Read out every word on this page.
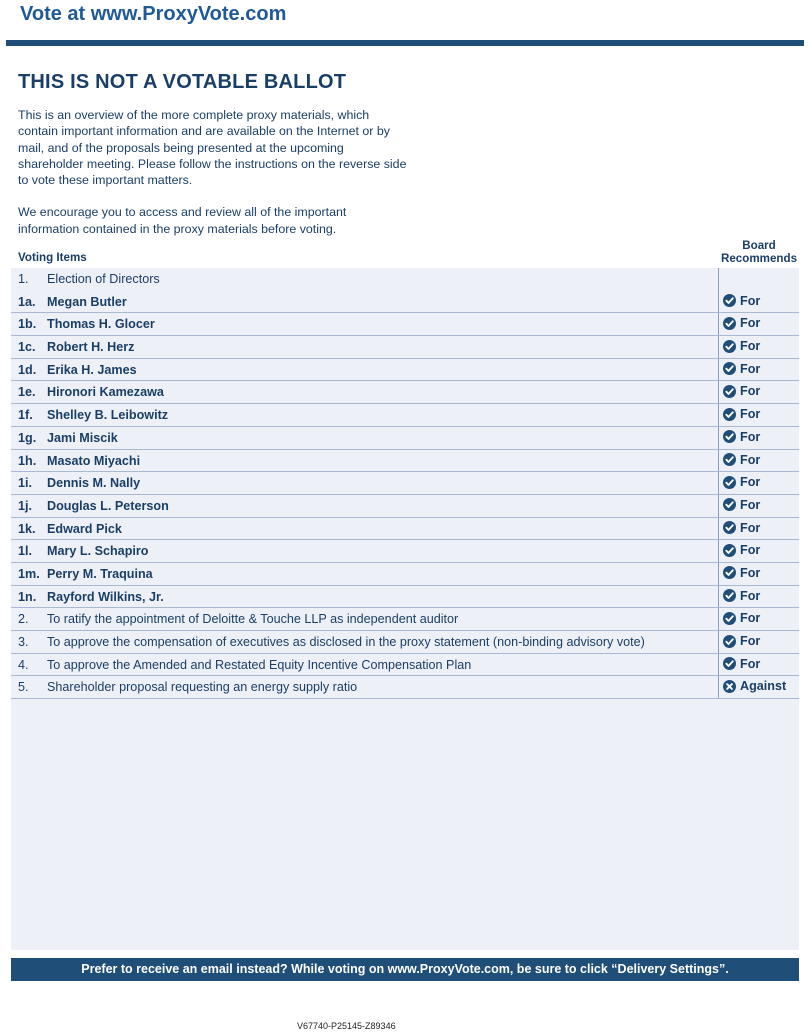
Vote at www.ProxyVote.com
THIS IS NOT A VOTABLE BALLOT

This is an overview of the more complete proxy materials, which contain important information and are available on the Internet or by mail, and of the proposals being presented at the upcoming shareholder meeting. Please follow the instructions on the reverse side to vote these important matters.

We encourage you to access and review all of the important information contained in the proxy materials before voting.

Voting Items
Board
Recommends
1. Election of Directors
1a. Megan Butler	For
1b. Thomas H. Glocer	For
1c. Robert H. Herz	For
1d. Erika H. James	For
1e. Hironori Kamezawa	For
1f. Shelley B. Leibowitz	For
1g. Jami Miscik	For
1h. Masato Miyachi	For
1i. Dennis M. Nally	For
1j. Douglas L. Peterson	For
1k. Edward Pick	For
1l. Mary L. Schapiro	For
1m. Perry M. Traquina	For
1n. Rayford Wilkins, Jr.	For
2. To ratify the appointment of Deloitte & Touche LLP as independent auditor	For
3. To approve the compensation of executives as disclosed in the proxy statement (non-binding advisory vote)	For
4. To approve the Amended and Restated Equity Incentive Compensation Plan	For
5. Shareholder proposal requesting an energy supply ratio	Against
Prefer to receive an email instead? While voting on www.ProxyVote.com, be sure to click “Delivery Settings”.
V67740-P25145-Z89346
